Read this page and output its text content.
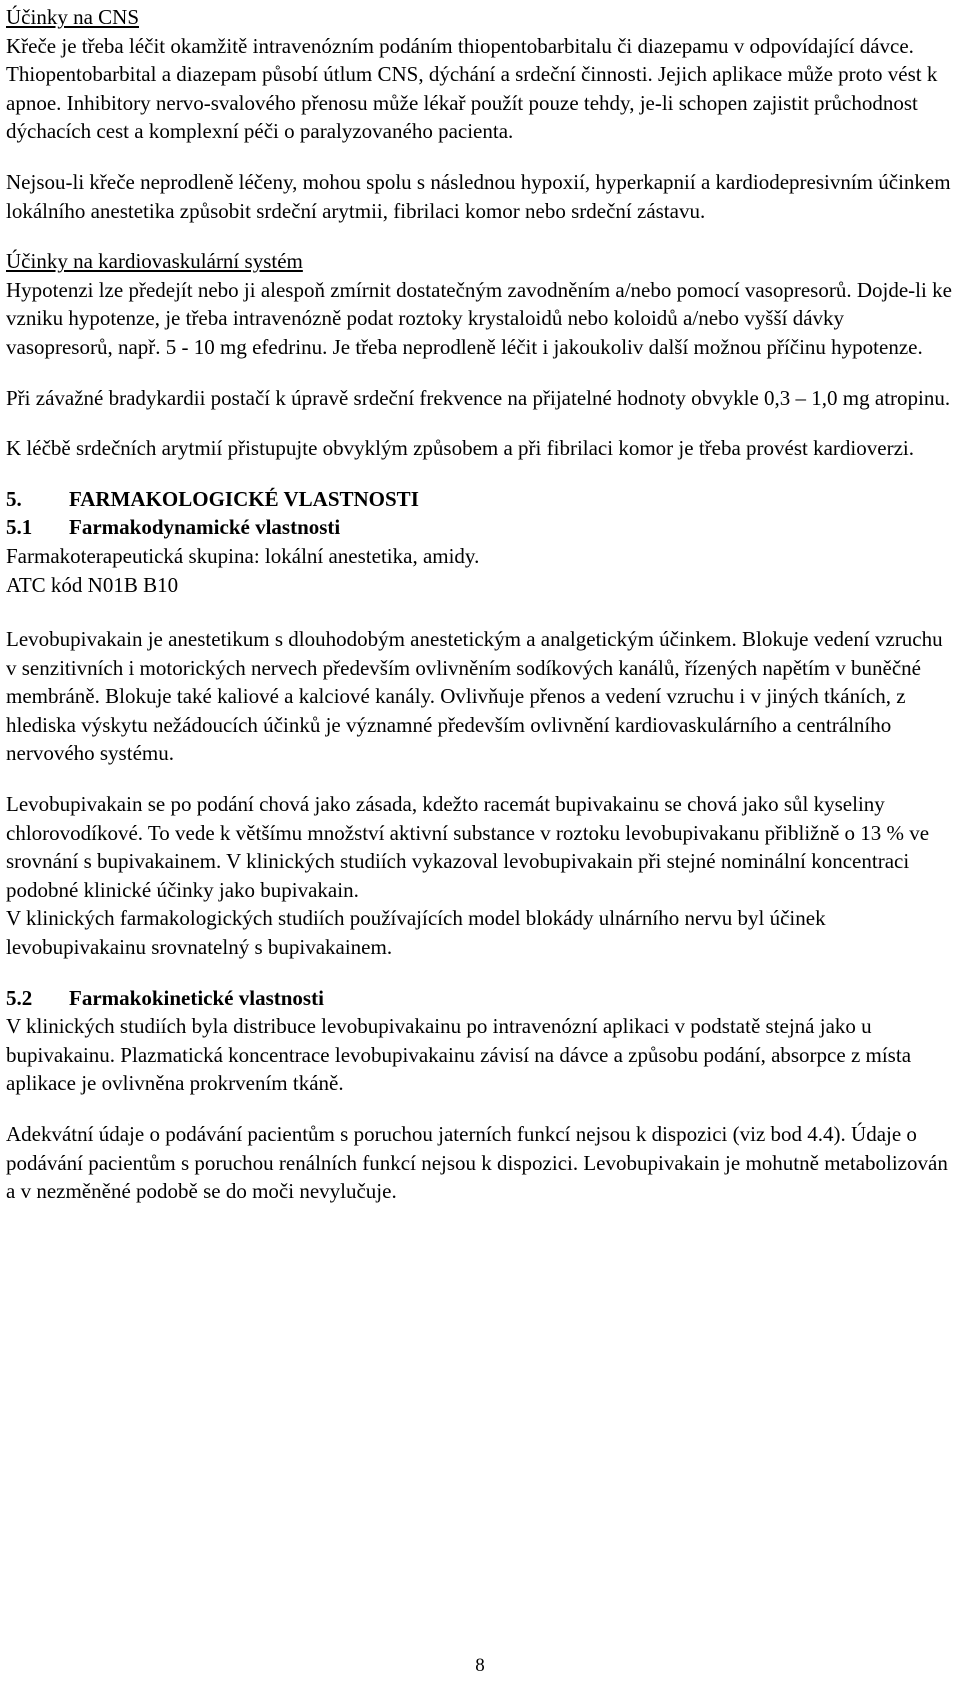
Účinky na CNS

Křeče je třeba léčit okamžitě intravenózním podáním thiopentobarbitalu či diazepamu v odpovídající dávce. Thiopentobarbital a diazepam působí útlum CNS, dýchání a srdeční činnosti. Jejich aplikace může proto vést k apnoe. Inhibitory nervo-svalového přenosu může lékař použít pouze tehdy, je-li schopen zajistit průchodnost dýchacích cest a komplexní péči o paralyzovaného pacienta.

Nejsou-li křeče neprodleně léčeny, mohou spolu s následnou hypoxií, hyperkapnií a kardiodepresivním účinkem lokálního anestetika způsobit srdeční arytmii, fibrilaci komor nebo srdeční zástavu.

Účinky na kardiovaskulární systém

Hypotenzi lze předejít nebo ji alespoň zmírnit dostatečným zavodněním a/nebo pomocí vasopresorů. Dojde-li ke vzniku hypotenze, je třeba intravenózně podat roztoky krystaloidů nebo koloidů a/nebo vyšší dávky vasopresorů, např. 5 - 10 mg efedrinu. Je třeba neprodleně léčit i jakoukoliv další možnou příčinu hypotenze.

Při závažné bradykardii postačí k úpravě srdeční frekvence na přijatelné hodnoty obvykle 0,3 – 1,0 mg atropinu.

K léčbě srdečních arytmií přistupujte obvyklým způsobem a při fibrilaci komor je třeba provést kardioverzi.

5.	FARMAKOLOGICKÉ VLASTNOSTI
5.1	Farmakodynamické vlastnosti

Farmakoterapeutická skupina: lokální anestetika, amidy.

ATC kód N01B B10

Levobupivakain je anestetikum s dlouhodobým anestetickým a analgetickým účinkem. Blokuje vedení vzruchu v senzitivních i motorických nervech především ovlivněním sodíkových kanálů, řízených napětím v buněčné membráně. Blokuje také kaliové a kalciové kanály. Ovlivňuje přenos a vedení vzruchu i v jiných tkáních, z hlediska výskytu nežádoucích účinků je významné především ovlivnění kardiovaskulárního a centrálního nervového systému.

Levobupivakain se po podání chová jako zásada, kdežto racemát bupivakainu se chová jako sůl kyseliny chlorovodíkové. To vede k většímu množství aktivní substance v roztoku levobupivakanu přibližně o 13 % ve srovnání s bupivakainem. V klinických studiích vykazoval levobupivakain při stejné nominální koncentraci podobné klinické účinky jako bupivakain.

V klinických farmakologických studiích používajících model blokády ulnárního nervu byl účinek levobupivakainu srovnatelný s bupivakainem.

5.2	Farmakokinetické vlastnosti

V klinických studiích byla distribuce levobupivakainu po intravenózní aplikaci v podstatě stejná jako u bupivakainu. Plazmatická koncentrace levobupivakainu závisí na dávce a způsobu podání, absorpce z místa aplikace je ovlivněna prokrvením tkáně.

Adekvátní údaje o podávání pacientům s poruchou jaterních funkcí nejsou k dispozici (viz bod 4.4). Údaje o podávání pacientům s poruchou renálních funkcí nejsou k dispozici. Levobupivakain je mohutně metabolizován a v nezměněné podobě se do moči nevylučuje.

8
